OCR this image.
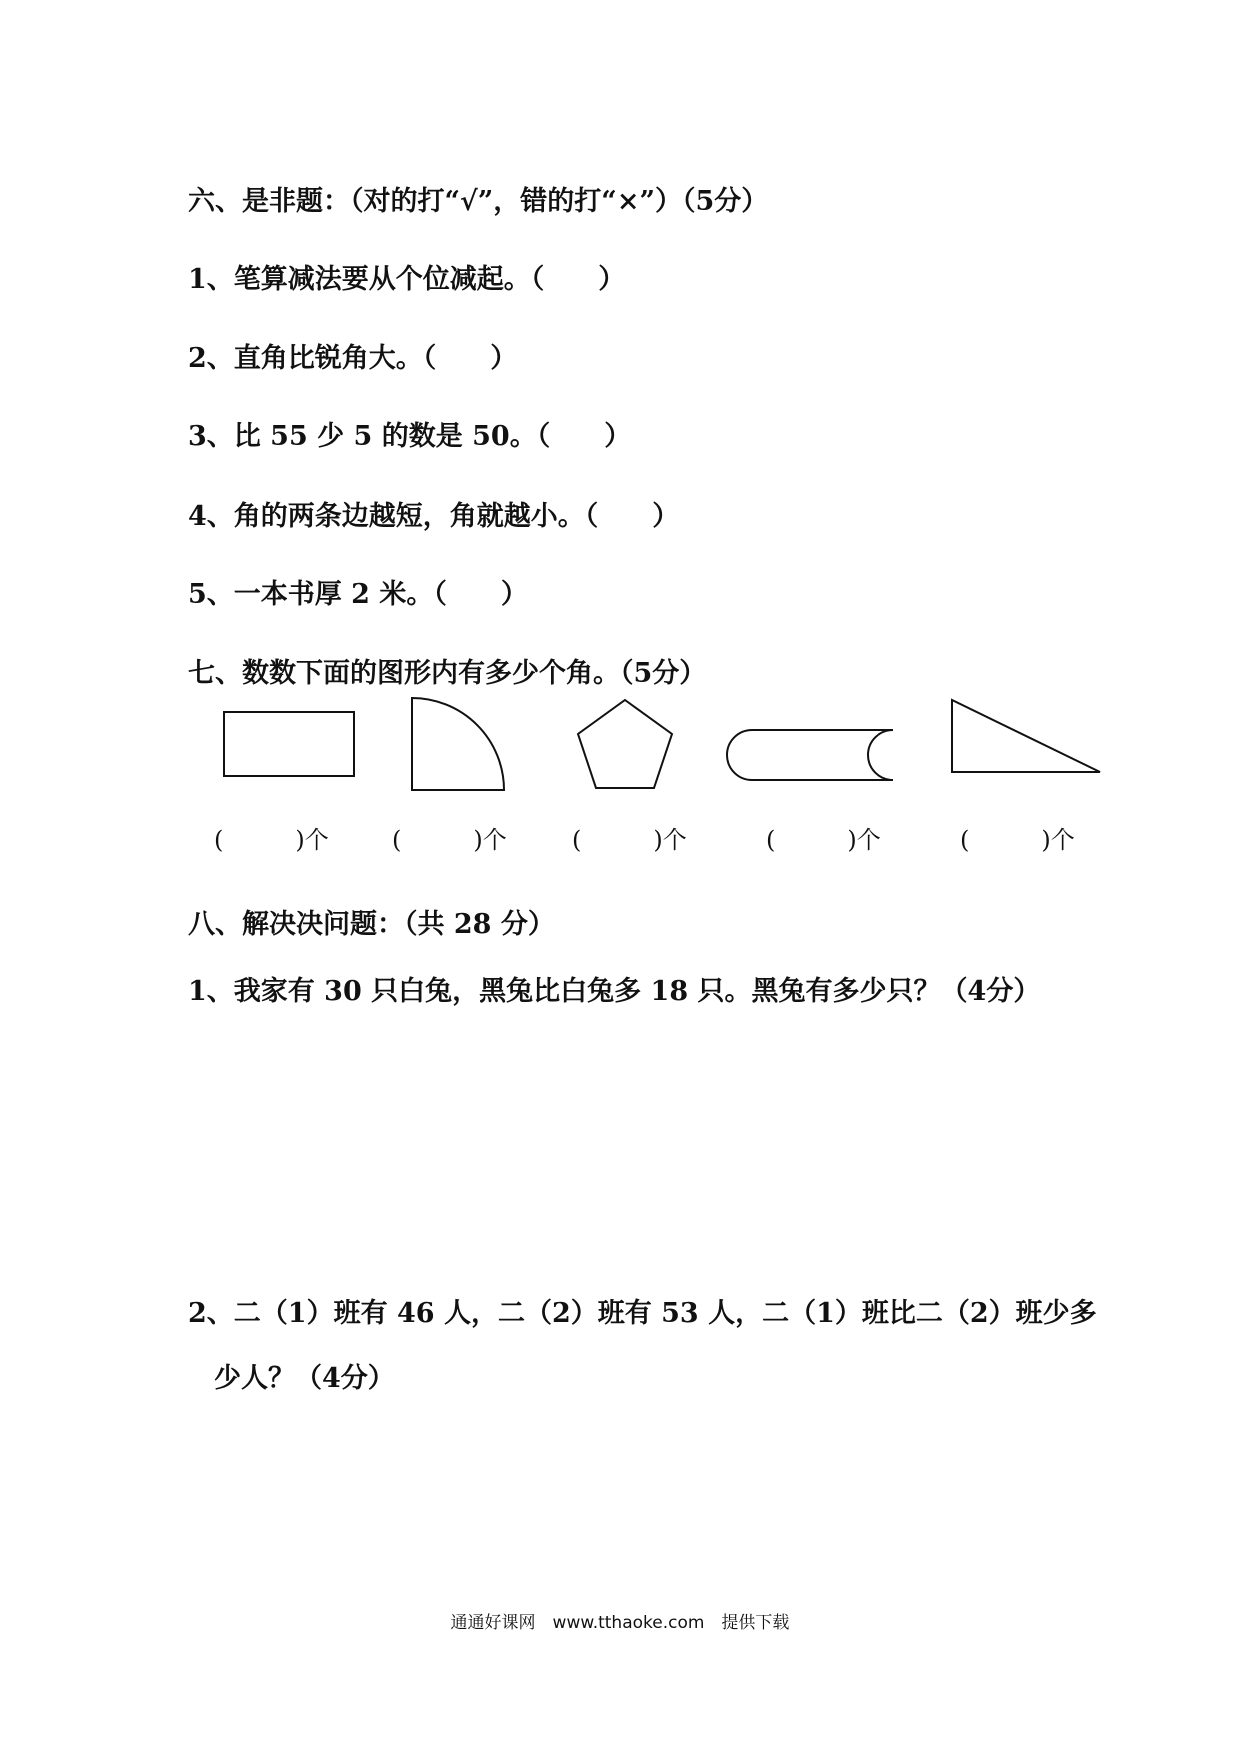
六、是非题：（对的打“√”，错的打“×”）（5分）
1、笔算减法要从个位减起。（　　）
2、直角比锐角大。（　　）
3、比 55 少 5 的数是 50。（　　）
4、角的两条边越短，角就越小。（　　）
5、一本书厚 2 米。（　　）
七、数数下面的图形内有多少个角。（5分）
(　　　)个	(　　　)个	(　　　)个	(　　　)个	(　　　)个
八、解决决问题：（共 28 分）
1、我家有 30 只白兔，黑兔比白兔多 18 只。黑兔有多少只？（4分）
2、二（1）班有 46 人，二（2）班有 53 人，二（1）班比二（2）班少多
少人？（4分）
通通好课网　www.tthaoke.com　提供下载
